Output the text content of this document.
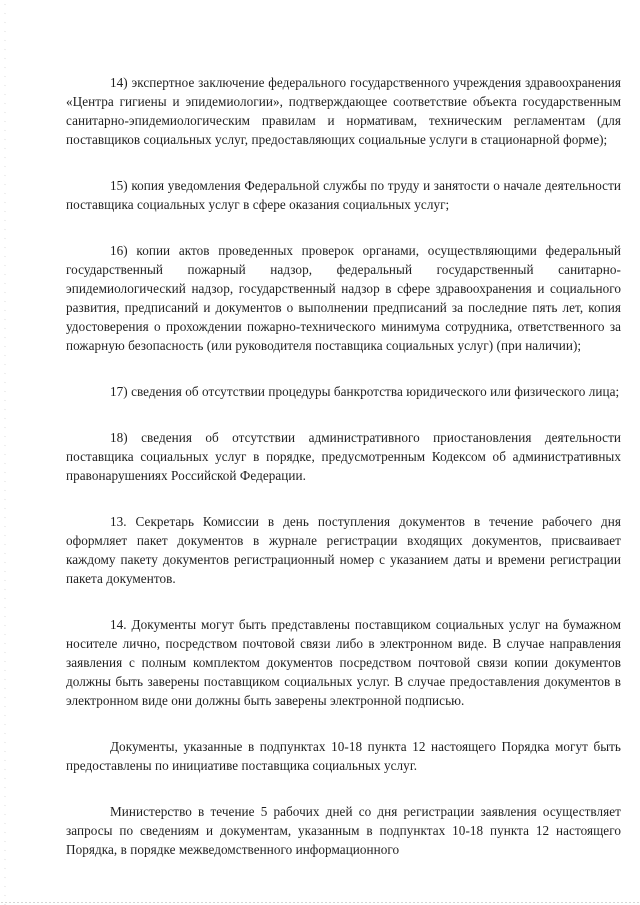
14) экспертное заключение федерального государственного учреждения здравоохранения «Центра гигиены и эпидемиологии», подтверждающее соответствие объекта государственным санитарно-эпидемиологическим правилам и нормативам, техническим регламентам (для поставщиков социальных услуг, предоставляющих социальные услуги в стационарной форме);

15) копия уведомления Федеральной службы по труду и занятости о начале деятельности поставщика социальных услуг в сфере оказания социальных услуг;

16) копии актов проведенных проверок органами, осуществляющими федеральный государственный пожарный надзор, федеральный государственный санитарно-эпидемиологический надзор, государственный надзор в сфере здравоохранения и социального развития, предписаний и документов о выполнении предписаний за последние пять лет, копия удостоверения о прохождении пожарно-технического минимума сотрудника, ответственного за пожарную безопасность (или руководителя поставщика социальных услуг) (при наличии);

17) сведения об отсутствии процедуры банкротства юридического или физического лица;

18) сведения об отсутствии административного приостановления деятельности поставщика социальных услуг в порядке, предусмотренным Кодексом об административных правонарушениях Российской Федерации.

13. Секретарь Комиссии в день поступления документов в течение рабочего дня оформляет пакет документов в журнале регистрации входящих документов, присваивает каждому пакету документов регистрационный номер с указанием даты и времени регистрации пакета документов.

14. Документы могут быть представлены поставщиком социальных услуг на бумажном носителе лично, посредством почтовой связи либо в электронном виде. В случае направления заявления с полным комплектом документов посредством почтовой связи копии документов должны быть заверены поставщиком социальных услуг. В случае предоставления документов в электронном виде они должны быть заверены электронной подписью.

Документы, указанные в подпунктах 10-18 пункта 12 настоящего Порядка могут быть предоставлены по инициативе поставщика социальных услуг.

Министерство в течение 5 рабочих дней со дня регистрации заявления осуществляет запросы по сведениям и документам, указанным в подпунктах 10-18 пункта 12 настоящего Порядка, в порядке межведомственного информационного
